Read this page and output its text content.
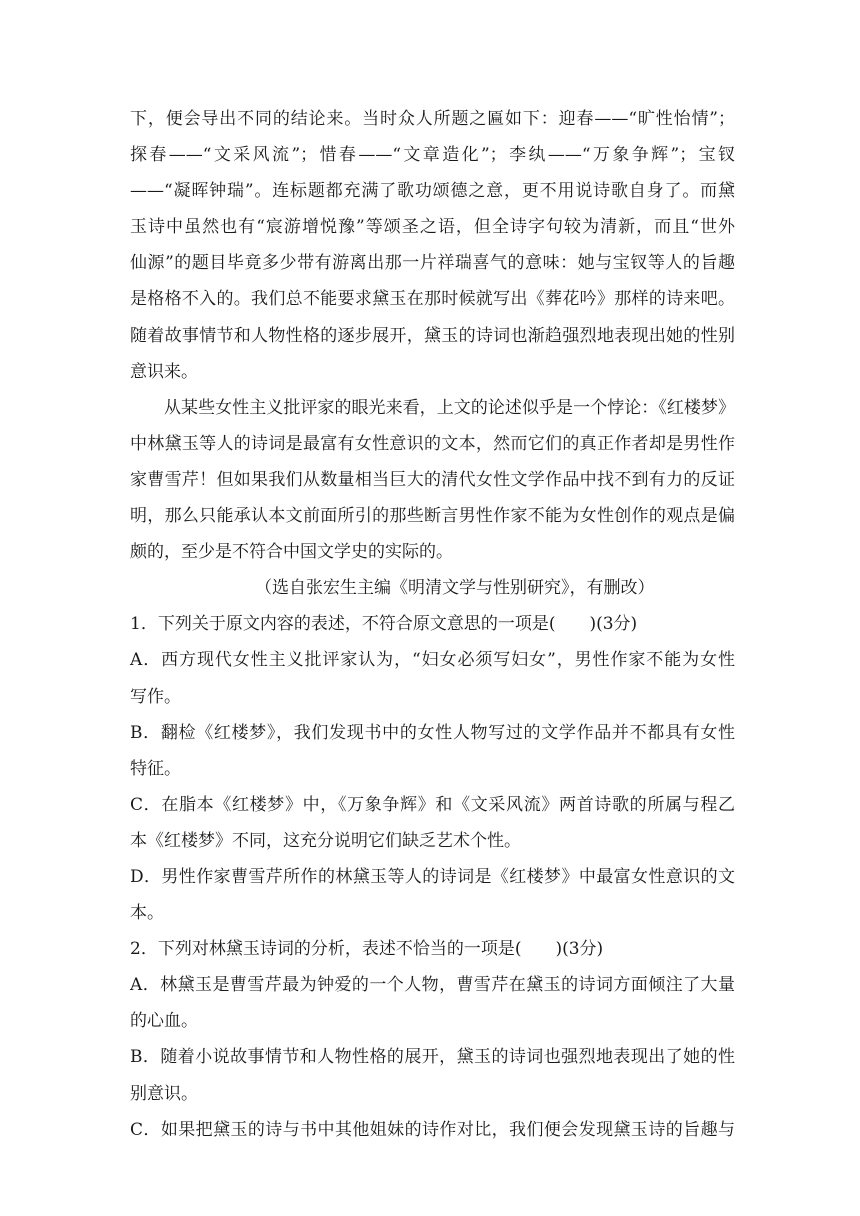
下，便会导出不同的结论来。当时众人所题之匾如下：迎春——“旷性怡情”；
探春——“文采风流”；惜春——“文章造化”；李纨——“万象争辉”；宝钗
——“凝晖钟瑞”。连标题都充满了歌功颂德之意，更不用说诗歌自身了。而黛
玉诗中虽然也有“宸游增悦豫”等颂圣之语，但全诗字句较为清新，而且“世外
仙源”的题目毕竟多少带有游离出那一片祥瑞喜气的意味：她与宝钗等人的旨趣
是格格不入的。我们总不能要求黛玉在那时候就写出《葬花吟》那样的诗来吧。
随着故事情节和人物性格的逐步展开，黛玉的诗词也渐趋强烈地表现出她的性别
意识来。
从某些女性主义批评家的眼光来看，上文的论述似乎是一个悖论：《红楼梦》
中林黛玉等人的诗词是最富有女性意识的文本，然而它们的真正作者却是男性作
家曹雪芹！但如果我们从数量相当巨大的清代女性文学作品中找不到有力的反证
明，那么只能承认本文前面所引的那些断言男性作家不能为女性创作的观点是偏
颇的，至少是不符合中国文学史的实际的。
（选自张宏生主编《明清文学与性别研究》，有删改）
1．下列关于原文内容的表述，不符合原文意思的一项是(　　)(3分)
A．西方现代女性主义批评家认为，“妇女必须写妇女”，男性作家不能为女性
写作。
B．翻检《红楼梦》，我们发现书中的女性人物写过的文学作品并不都具有女性
特征。
C．在脂本《红楼梦》中，《万象争辉》和《文采风流》两首诗歌的所属与程乙
本《红楼梦》不同，这充分说明它们缺乏艺术个性。
D．男性作家曹雪芹所作的林黛玉等人的诗词是《红楼梦》中最富女性意识的文
本。
2．下列对林黛玉诗词的分析，表述不恰当的一项是(　　)(3分)
A．林黛玉是曹雪芹最为钟爱的一个人物，曹雪芹在黛玉的诗词方面倾注了大量
的心血。
B．随着小说故事情节和人物性格的展开，黛玉的诗词也强烈地表现出了她的性
别意识。
C．如果把黛玉的诗与书中其他姐妹的诗作对比，我们便会发现黛玉诗的旨趣与
